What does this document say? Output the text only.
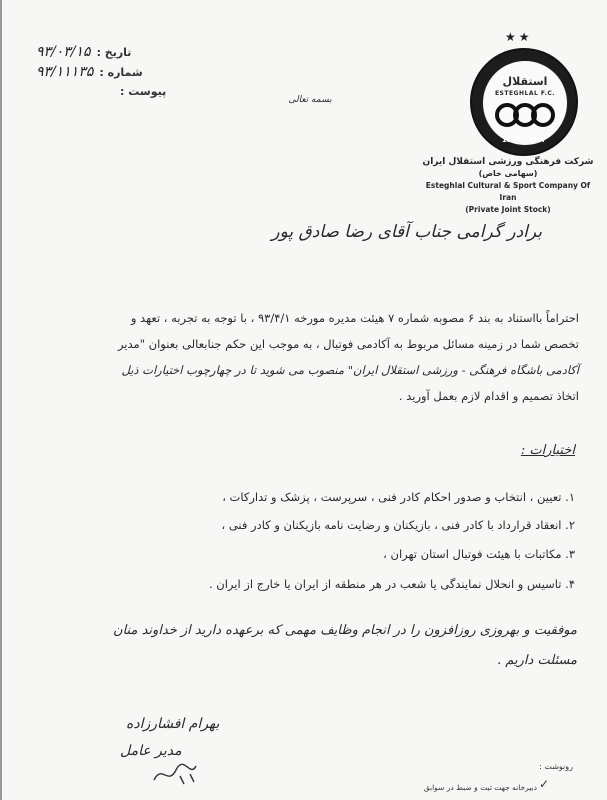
تاریخ :
۹۳/۰۳/۱۵
شماره :
۹۳/۱۱۱۳۵
پیوست :
بسمه تعالی
★★
استقلال
ESTEGHLAL F.C.
1945 - ۱۳۲۴
شرکت فرهنگی ورزشی استقلال ایران
(سهامی خاص)
Esteghlal Cultural & Sport Company Of Iran
(Private Joint Stock)
برادر گرامی جناب آقای رضا صادق پور
احتراماً بااستناد به بند ۶ مصوبه شماره ۷ هیئت مدیره مورخه ۹۳/۴/۱ ، با توجه به تجربه ، تعهد و
تخصص شما در زمینه مسائل مربوط به آکادمی فوتبال ، به موجب این حکم جنابعالی بعنوان "مدیر
آکادمی باشگاه فرهنگی - ورزشی استقلال ایران" منصوب می شوید تا در چهارچوب اختیارات ذیل
اتخاذ تصمیم و اقدام لازم بعمل آورید .
اختیارات :
۱. تعیین ، انتخاب و صدور احکام کادر فنی ، سرپرست ، پزشک و تدارکات ،
۲. انعقاد قرارداد با کادر فنی ، بازیکنان و رضایت نامه بازیکنان و کادر فنی ،
۳. مکاتبات با هیئت فوتبال استان تهران ،
۴. تاسیس و انحلال نمایندگی یا شعب در هر منطقه از ایران یا خارج از ایران .
موفقیت و بهروزی روزافزون را در انجام وظایف مهمی که برعهده دارید از خداوند منان
مسئلت داریم .
بهرام افشارزاده
مدیر عامل
رونوشت :
✓
دبیرخانه جهت ثبت و ضبط در سوابق
